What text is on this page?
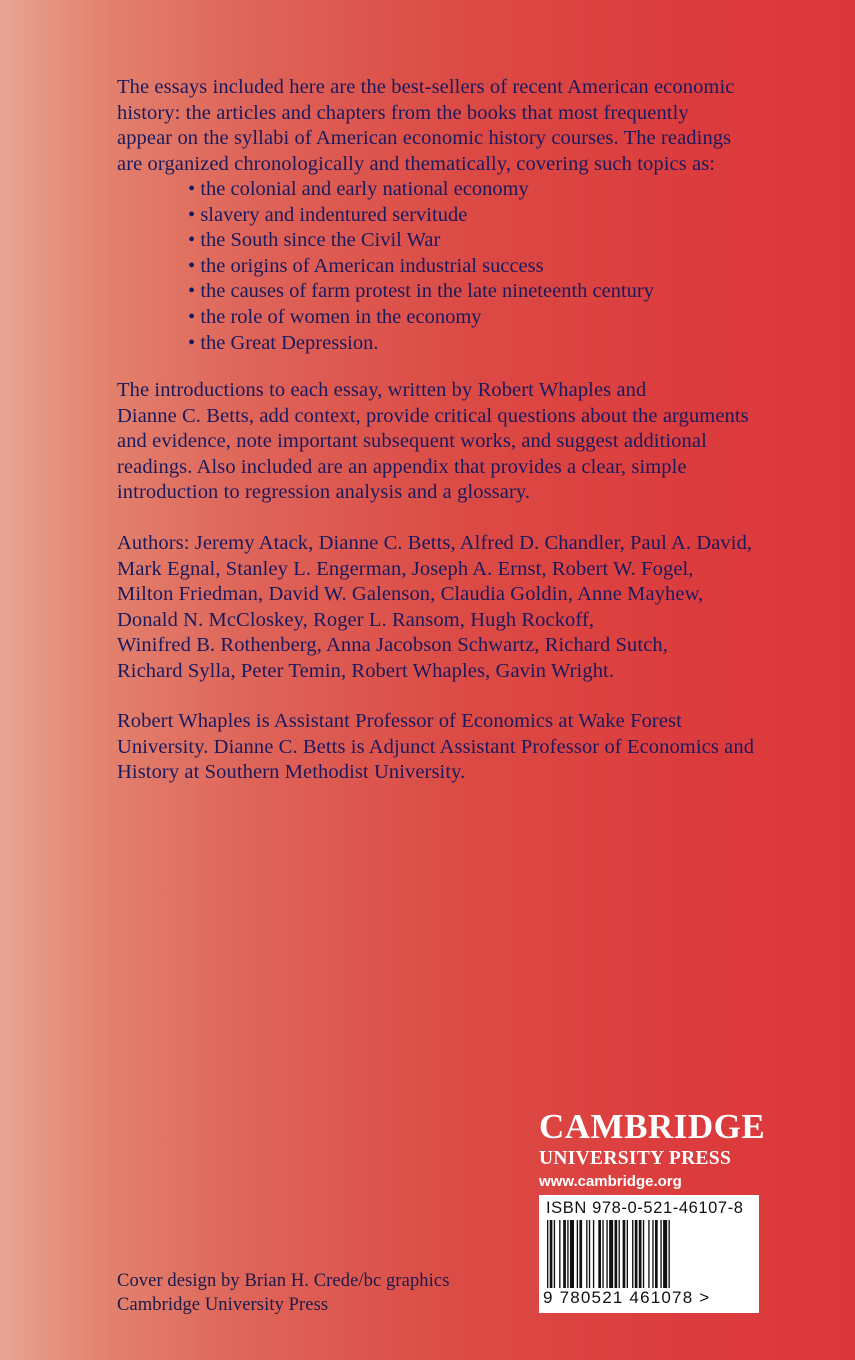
The essays included here are the best-sellers of recent American economic
history: the articles and chapters from the books that most frequently
appear on the syllabi of American economic history courses. The readings
are organized chronologically and thematically, covering such topics as:
• the colonial and early national economy
• slavery and indentured servitude
• the South since the Civil War
• the origins of American industrial success
• the causes of farm protest in the late nineteenth century
• the role of women in the economy
• the Great Depression.
The introductions to each essay, written by Robert Whaples and
Dianne C. Betts, add context, provide critical questions about the arguments
and evidence, note important subsequent works, and suggest additional
readings. Also included are an appendix that provides a clear, simple
introduction to regression analysis and a glossary.
Authors: Jeremy Atack, Dianne C. Betts, Alfred D. Chandler, Paul A. David,
Mark Egnal, Stanley L. Engerman, Joseph A. Ernst, Robert W. Fogel,
Milton Friedman, David W. Galenson, Claudia Goldin, Anne Mayhew,
Donald N. McCloskey, Roger L. Ransom, Hugh Rockoff,
Winifred B. Rothenberg, Anna Jacobson Schwartz, Richard Sutch,
Richard Sylla, Peter Temin, Robert Whaples, Gavin Wright.
Robert Whaples is Assistant Professor of Economics at Wake Forest
University. Dianne C. Betts is Adjunct Assistant Professor of Economics and
History at Southern Methodist University.
CAMBRIDGE
UNIVERSITY PRESS
www.cambridge.org
ISBN 978-0-521-46107-8
9 780521 461078 >
Cover design by Brian H. Crede/bc graphics
Cambridge University Press
